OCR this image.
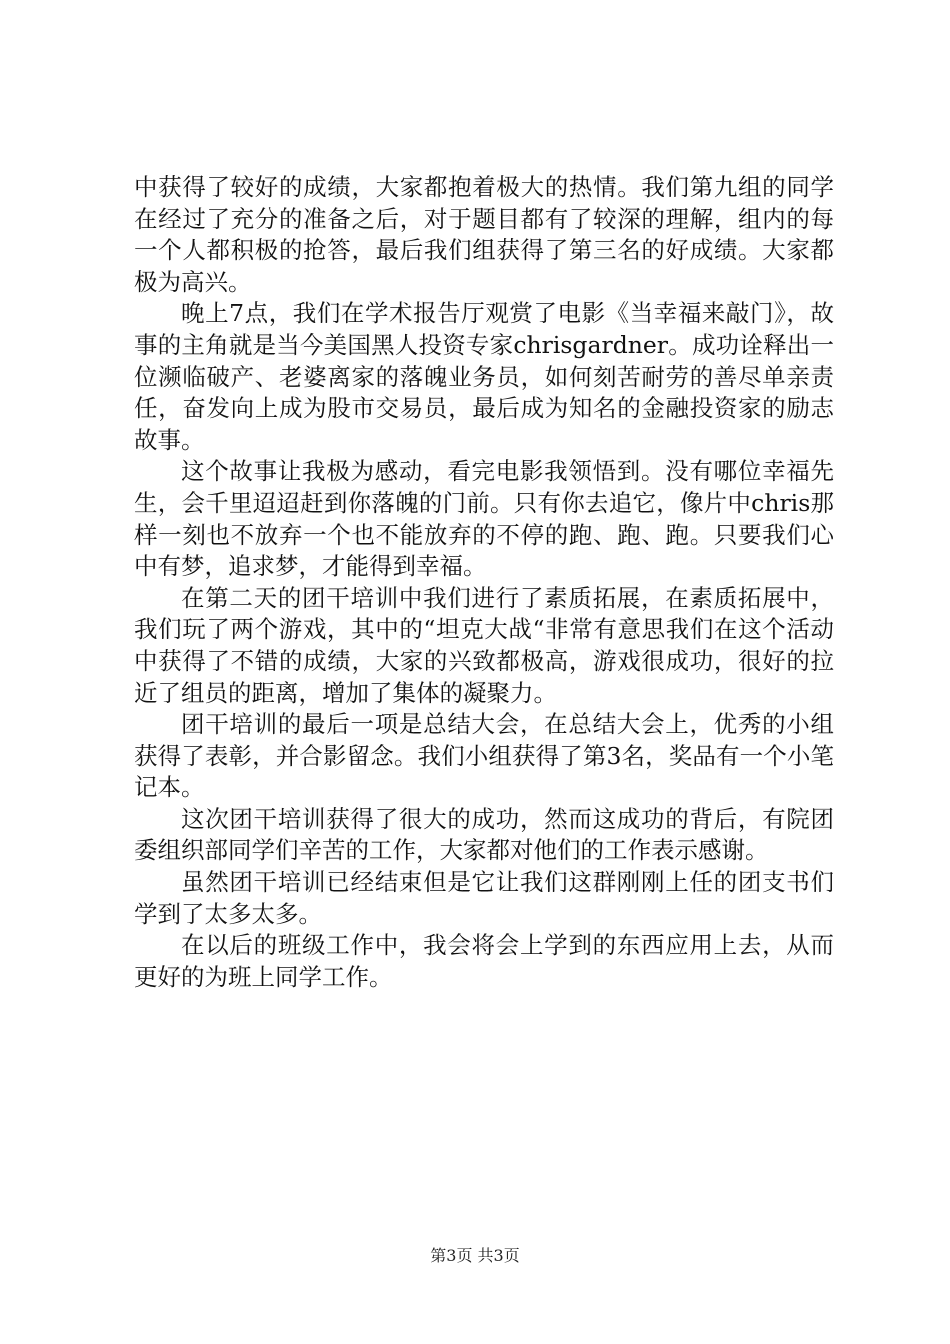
中获得了较好的成绩，大家都抱着极大的热情。我们第九组的同学在经过了充分的准备之后，对于题目都有了较深的理解，组内的每一个人都积极的抢答，最后我们组获得了第三名的好成绩。大家都极为高兴。

晚上7点，我们在学术报告厅观赏了电影《当幸福来敲门》，故事的主角就是当今美国黑人投资专家chrisgardner。成功诠释出一位濒临破产、老婆离家的落魄业务员，如何刻苦耐劳的善尽单亲责任，奋发向上成为股市交易员，最后成为知名的金融投资家的励志故事。

这个故事让我极为感动，看完电影我领悟到。没有哪位幸福先生，会千里迢迢赶到你落魄的门前。只有你去追它，像片中chris那样一刻也不放弃一个也不能放弃的不停的跑、跑、跑。只要我们心中有梦，追求梦，才能得到幸福。

在第二天的团干培训中我们进行了素质拓展，在素质拓展中，我们玩了两个游戏，其中的“坦克大战“非常有意思我们在这个活动中获得了不错的成绩，大家的兴致都极高，游戏很成功，很好的拉近了组员的距离，增加了集体的凝聚力。

团干培训的最后一项是总结大会，在总结大会上，优秀的小组获得了表彰，并合影留念。我们小组获得了第3名，奖品有一个小笔记本。

这次团干培训获得了很大的成功，然而这成功的背后，有院团委组织部同学们辛苦的工作，大家都对他们的工作表示感谢。

虽然团干培训已经结束但是它让我们这群刚刚上任的团支书们学到了太多太多。

在以后的班级工作中，我会将会上学到的东西应用上去，从而更好的为班上同学工作。

第3页 共3页
